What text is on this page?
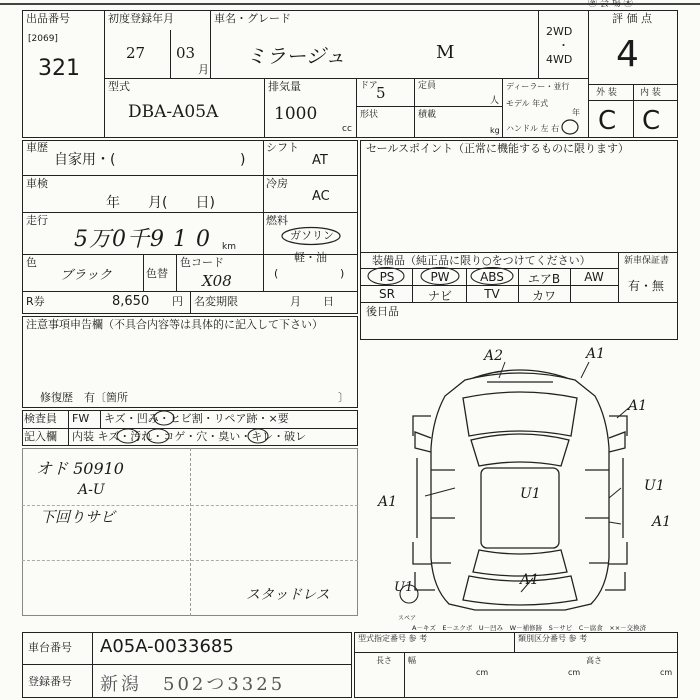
㊎ 会 場 ㊍
出品番号
[2069]
321
初度登録年月
27 03
月
車名・グレード
ミラージュ	M
2WD
・
4WD
評 価 点
4
型式
DBA-A05A
排気量
1000
cc
ドア
5
形状
定員
人
積載
kg
ディーラー・並行
モデル 年式
年
ハンドル 左 右
外 装	内 装
C C
車歴
自家用・(	)
車検
年　　月(　　日)
走行
5万0千9 1 0 km
色
ブラック	色替
色コード
X08
R券	8,650 円 名変期限	月　　日
シフト
AT
冷房
AC
燃料
ガソリン
軽・油
(	)
セールスポイント（正常に機能するものに限ります）
装備品（純正品に限り○をつけてください）	新車保証書
有・無
PS	PW	ABS	エアB	AW
SR	ナビ	TV	カワ
後日品
注意事項申告欄（不具合内容等は具体的に記入して下さい）
修復歴　有〔箇所	〕
検査員
記入欄
FW キズ・凹み・ヒビ割・リペア跡・×要
内装 キズ・汚れ・コゲ・穴・臭い・キレ・破レ
オド 50910
A-U
下回りサビ
スタッドレス
A2	A1
A1
A1
U1
U1
A1
A1
U1
スペア
A－キズ　E－エクボ　U－凹み　W－補修跡　S－サビ　C－腐食　××－交換済
型式指定番号 参 考	類別区分番号 参 考
長さ 幅	高さ
cm	cm	cm
車台番号 A05A-0033685
登録番号 新潟　502つ3325
